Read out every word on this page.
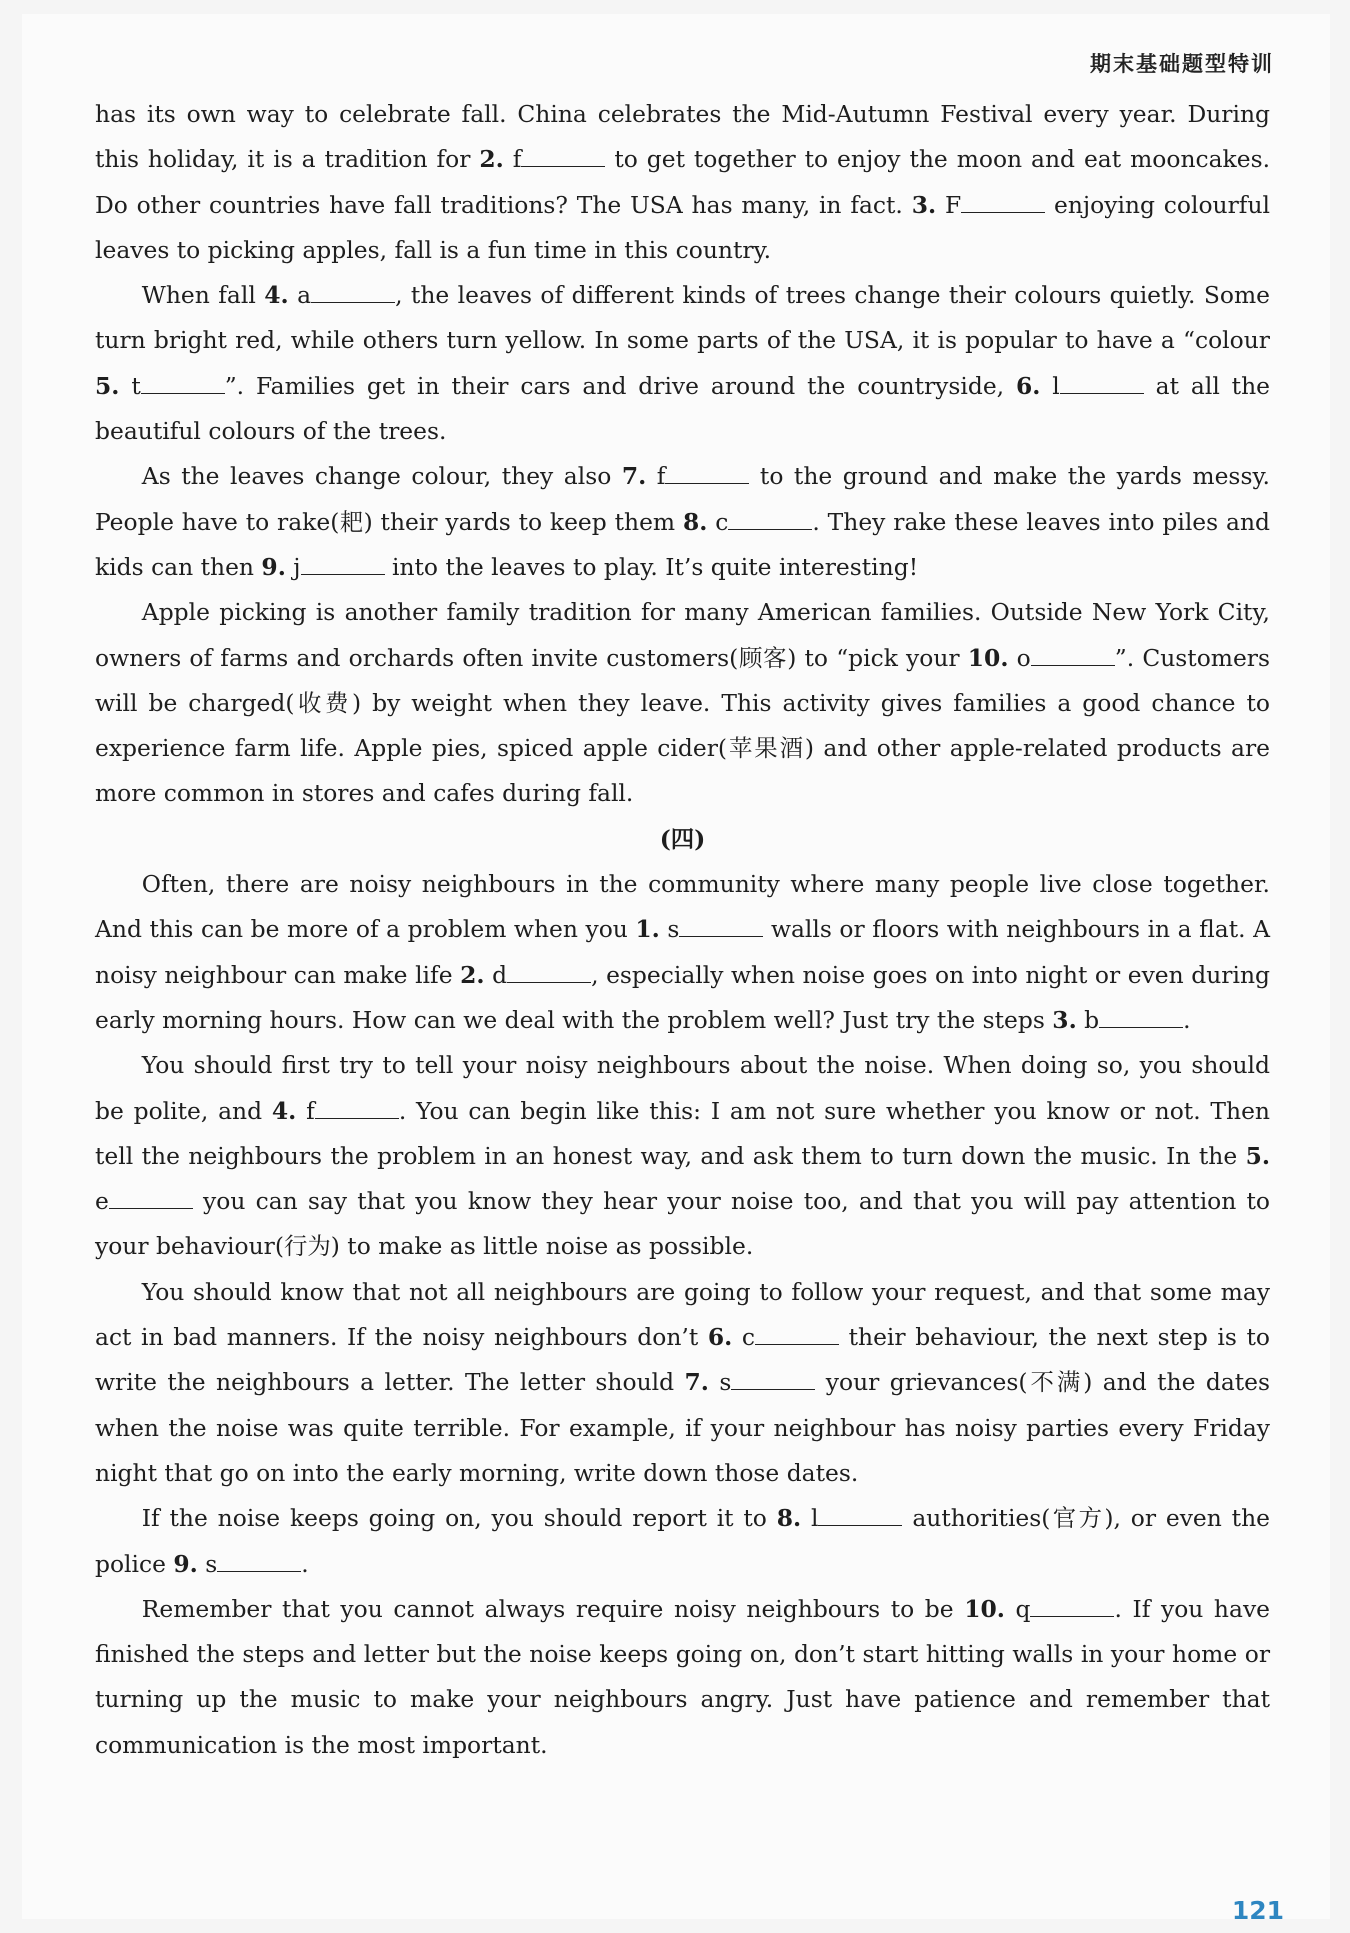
期末基础题型特训

has its own way to celebrate fall. China celebrates the Mid-Autumn Festival every year. During this holiday, it is a tradition for 2. f	to get together to enjoy the moon and eat mooncakes. Do other countries have fall traditions? The USA has many, in fact. 3. F	enjoying colourful leaves to picking apples, fall is a fun time in this country.

When fall 4. a	, the leaves of different kinds of trees change their colours quietly. Some turn bright red, while others turn yellow. In some parts of the USA, it is popular to have a “colour 5. t	”. Families get in their cars and drive around the countryside, 6. l	at all the beautiful colours of the trees.

As the leaves change colour, they also 7. f	to the ground and make the yards messy. People have to rake(耙) their yards to keep them 8. c	. They rake these leaves into piles and kids can then 9. j	into the leaves to play. It’s quite interesting!

Apple picking is another family tradition for many American families. Outside New York City, owners of farms and orchards often invite customers(顾客) to “pick your 10. o	”. Customers will be charged(收费) by weight when they leave. This activity gives families a good chance to experience farm life. Apple pies, spiced apple cider(苹果酒) and other apple-related products are more common in stores and cafes during fall.

(四)

Often, there are noisy neighbours in the community where many people live close together. And this can be more of a problem when you 1. s	walls or floors with neighbours in a flat. A noisy neighbour can make life 2. d	, especially when noise goes on into night or even during early morning hours. How can we deal with the problem well? Just try the steps 3. b	.

You should first try to tell your noisy neighbours about the noise. When doing so, you should be polite, and 4. f	. You can begin like this: I am not sure whether you know or not. Then tell the neighbours the problem in an honest way, and ask them to turn down the music. In the 5. e	you can say that you know they hear your noise too, and that you will pay attention to your behaviour(行为) to make as little noise as possible.

You should know that not all neighbours are going to follow your request, and that some may act in bad manners. If the noisy neighbours don’t 6. c	their behaviour, the next step is to write the neighbours a letter. The letter should 7. s	your grievances(不满) and the dates when the noise was quite terrible. For example, if your neighbour has noisy parties every Friday night that go on into the early morning, write down those dates.

If the noise keeps going on, you should report it to 8. l	authorities(官方), or even the police 9. s	.

Remember that you cannot always require noisy neighbours to be 10. q	. If you have finished the steps and letter but the noise keeps going on, don’t start hitting walls in your home or turning up the music to make your neighbours angry. Just have patience and remember that communication is the most important.

121
